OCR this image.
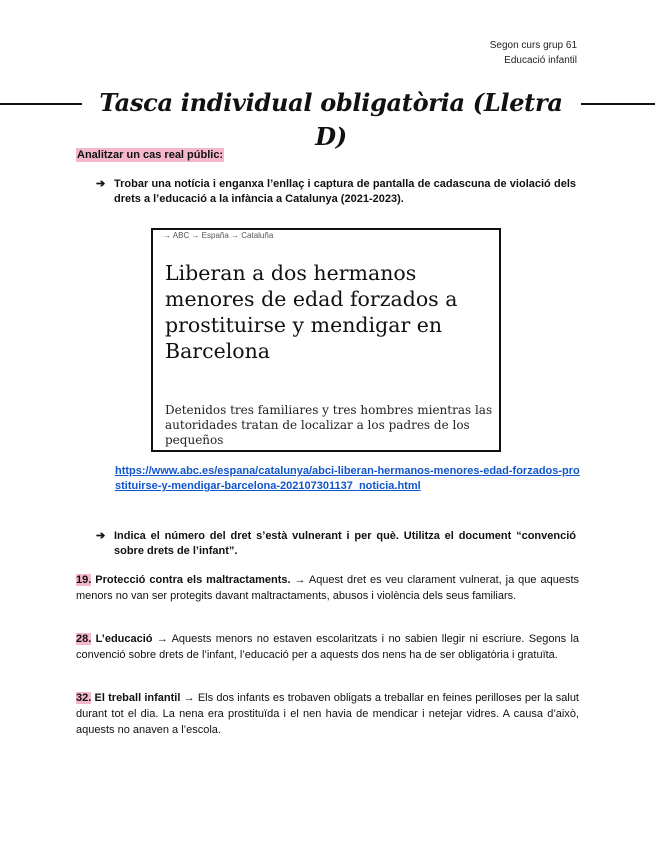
Segon curs grup 61
Educació infantil
Tasca individual obligatòria (Lletra D)
Analitzar un cas real públic:
➔ Trobar una notícia i enganxa l’enllaç i captura de pantalla de cadascuna de violació dels drets a l’educació a la infància a Catalunya (2021-2023).
→ ABC → España → Cataluña
Liberan a dos hermanos menores de edad forzados a prostituirse y mendigar en Barcelona
Detenidos tres familiares y tres hombres mientras las autoridades tratan de localizar a los padres de los pequeños
https://www.abc.es/espana/catalunya/abci-liberan-hermanos-menores-edad-forzados-prostituirse-y-mendigar-barcelona-202107301137_noticia.html
➔ Indica el número del dret s’està vulnerant i per què. Utilitza el document “convenció sobre drets de l’infant”.
19. Protecció contra els maltractaments. → Aquest dret es veu clarament vulnerat, ja que aquests menors no van ser protegits davant maltractaments, abusos i violència dels seus familiars.
28. L’educació → Aquests menors no estaven escolaritzats i no sabien llegir ni escriure. Segons la convenció sobre drets de l’infant, l’educació per a aquests dos nens ha de ser obligatòria i gratuïta.
32. El treball infantil → Els dos infants es trobaven obligats a treballar en feines perilloses per la salut durant tot el dia. La nena era prostituïda i el nen havia de mendicar i netejar vidres. A causa d’això, aquests no anaven a l’escola.
